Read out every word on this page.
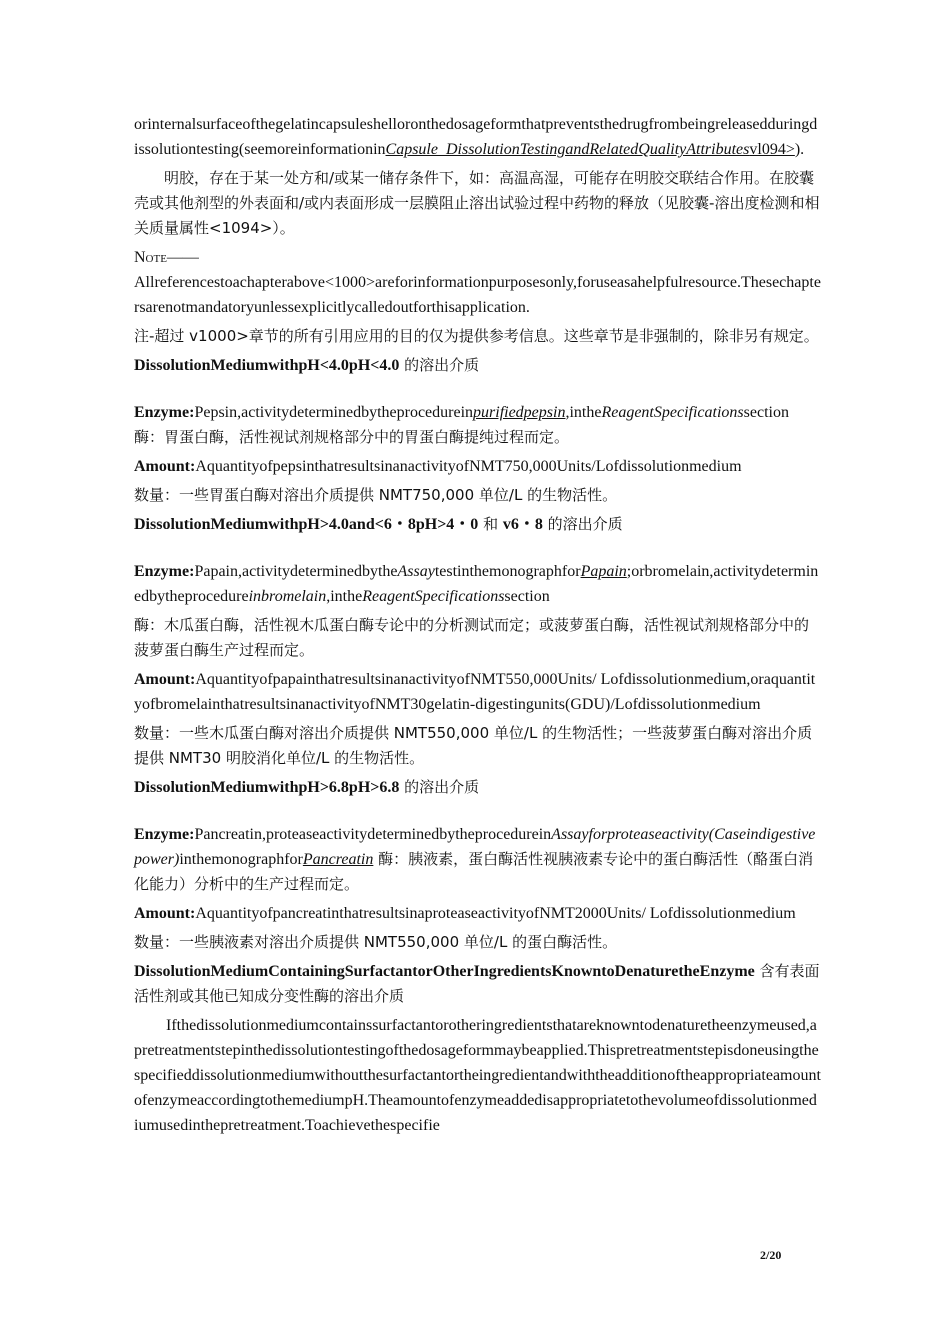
orinternalsurfaceofthegelatincapsuleshelloronthedosageformthatpreventsthedrugfrombeingreleasedduringdissolutiontesting(seemoreinformationinCapsule_DissolutionTestingandRelatedQualityAttributesvl094>).

明胶，存在于某一处方和/或某一储存条件下，如：高温高湿，可能存在明胶交联结合作用。在胶囊壳或其他剂型的外表面和/或内表面形成一层膜阻止溶出试验过程中药物的释放（见胶囊-溶出度检测和相关质量属性<1094>）。

Note——
Allreferencestoachapterabove<1000>areforinformationpurposesonly,foruseasahelpfulresource.Thesechaptersarenotmandatoryunlessexplicitlycalledoutforthisapplication.

注-超过 v1000>章节的所有引用应用的目的仅为提供参考信息。这些章节是非强制的，除非另有规定。

DissolutionMediumwithpH<4.0pH<4.0 的溶出介质

Enzyme:Pepsin,activitydeterminedbytheprocedureinpurifiedpepsin,intheReagentSpecificationssection 酶：胃蛋白酶，活性视试剂规格部分中的胃蛋白酶提纯过程而定。

Amount:AquantityofpepsinthatresultsinanactivityofNMT750,000Units/Lofdissolutionmedium

数量：一些胃蛋白酶对溶出介质提供 NMT750,000 单位/L 的生物活性。

DissolutionMediumwithpH>4.0and<6・8pH>4・0 和 v6・8 的溶出介质

Enzyme:Papain,activitydeterminedbytheAssaytestinthemonographforPapain;orbromelain,activitydeterminedbytheprocedureinbromelain,intheReagentSpecificationssection

酶：木瓜蛋白酶，活性视木瓜蛋白酶专论中的分析测试而定；或菠萝蛋白酶，活性视试剂规格部分中的菠萝蛋白酶生产过程而定。

Amount:AquantityofpapainthatresultsinanactivityofNMT550,000Units/ Lofdissolutionmedium,oraquantityofbromelainthatresultsinanactivityofNMT30gelatin-digestingunits(GDU)/Lofdissolutionmedium

数量：一些木瓜蛋白酶对溶出介质提供 NMT550,000 单位/L 的生物活性；一些菠萝蛋白酶对溶出介质提供 NMT30 明胶消化单位/L 的生物活性。

DissolutionMediumwithpH>6.8pH>6.8 的溶出介质

Enzyme:Pancreatin,proteaseactivitydeterminedbytheprocedureinAssayforproteaseactivity(Caseindigestivepower)inthemonographforPancreatin 酶：胰液素，蛋白酶活性视胰液素专论中的蛋白酶活性（酪蛋白消化能力）分析中的生产过程而定。

Amount:AquantityofpancreatinthatresultsinaproteaseactivityofNMT2000Units/ Lofdissolutionmedium

数量：一些胰液素对溶出介质提供 NMT550,000 单位/L 的蛋白酶活性。

DissolutionMediumContainingSurfactantorOtherIngredientsKnowntoDenaturetheEnzyme 含有表面活性剂或其他已知成分变性酶的溶出介质

Ifthedissolutionmediumcontainssurfactantorotheringredientsthatareknowntodenaturetheenzymeused,apretreatmentstepinthedissolutiontestingofthedosageformmaybeapplied.ThispretreatmentstepisdoneusingthespecifieddissolutionmediumwithoutthesurfactantortheingredientandwiththeadditionoftheappropriateamountofenzymeaccordingtothemediumpH.Theamountofenzymeaddedisappropriatetothevolumeofdissolutionmediumusedinthepretreatment.Toachievethespecifie

2/20
